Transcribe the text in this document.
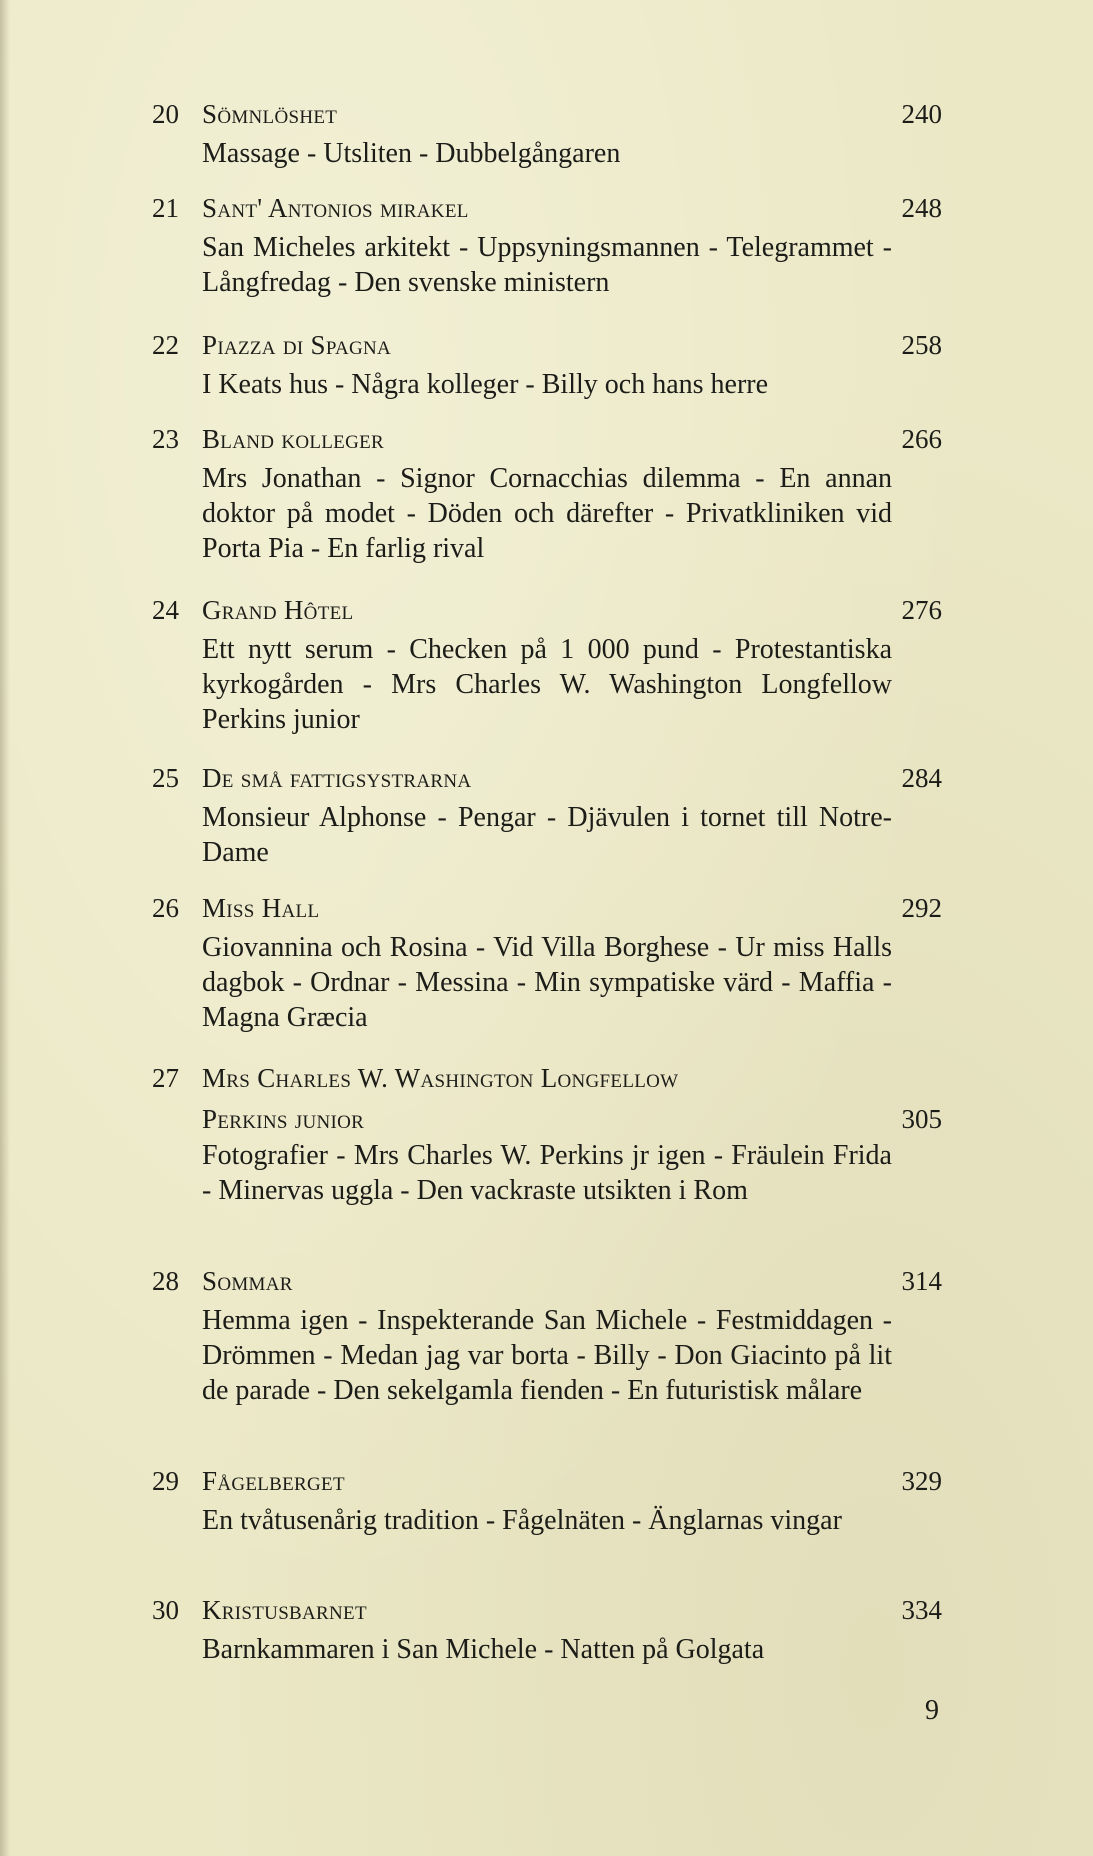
20 Sömnlöshet	240

Massage - Utsliten - Dubbelgångaren

21 Sant' Antonios mirakel	248

San Micheles arkitekt - Uppsyningsmannen - Telegrammet - Långfredag - Den svenske ministern

22 Piazza di Spagna	258

I Keats hus - Några kolleger - Billy och hans herre

23 Bland kolleger	266

Mrs Jonathan - Signor Cornacchias dilemma - En annan doktor på modet - Döden och därefter - Privatkliniken vid Porta Pia - En farlig rival

24 Grand Hôtel	276

Ett nytt serum - Checken på 1 000 pund - Protestantiska kyrkogården - Mrs Charles W. Washington Longfellow Perkins junior

25 De små fattigsystrarna	284

Monsieur Alphonse - Pengar - Djävulen i tornet till Notre-Dame

26 Miss Hall	292

Giovannina och Rosina - Vid Villa Borghese - Ur miss Halls dagbok - Ordnar - Messina - Min sympatiske värd - Maffia - Magna Græcia

27 Mrs Charles W. Washington Longfellow
Perkins junior	305

Fotografier - Mrs Charles W. Perkins jr igen - Fräulein Frida - Minervas uggla - Den vackraste utsikten i Rom

28 Sommar	314

Hemma igen - Inspekterande San Michele - Festmiddagen - Drömmen - Medan jag var borta - Billy - Don Giacinto på lit de parade - Den sekelgamla fienden - En futuristisk målare

29 Fågelberget	329

En tvåtusenårig tradition - Fågelnäten - Änglarnas vingar

30 Kristusbarnet	334

Barnkammaren i San Michele - Natten på Golgata

9
